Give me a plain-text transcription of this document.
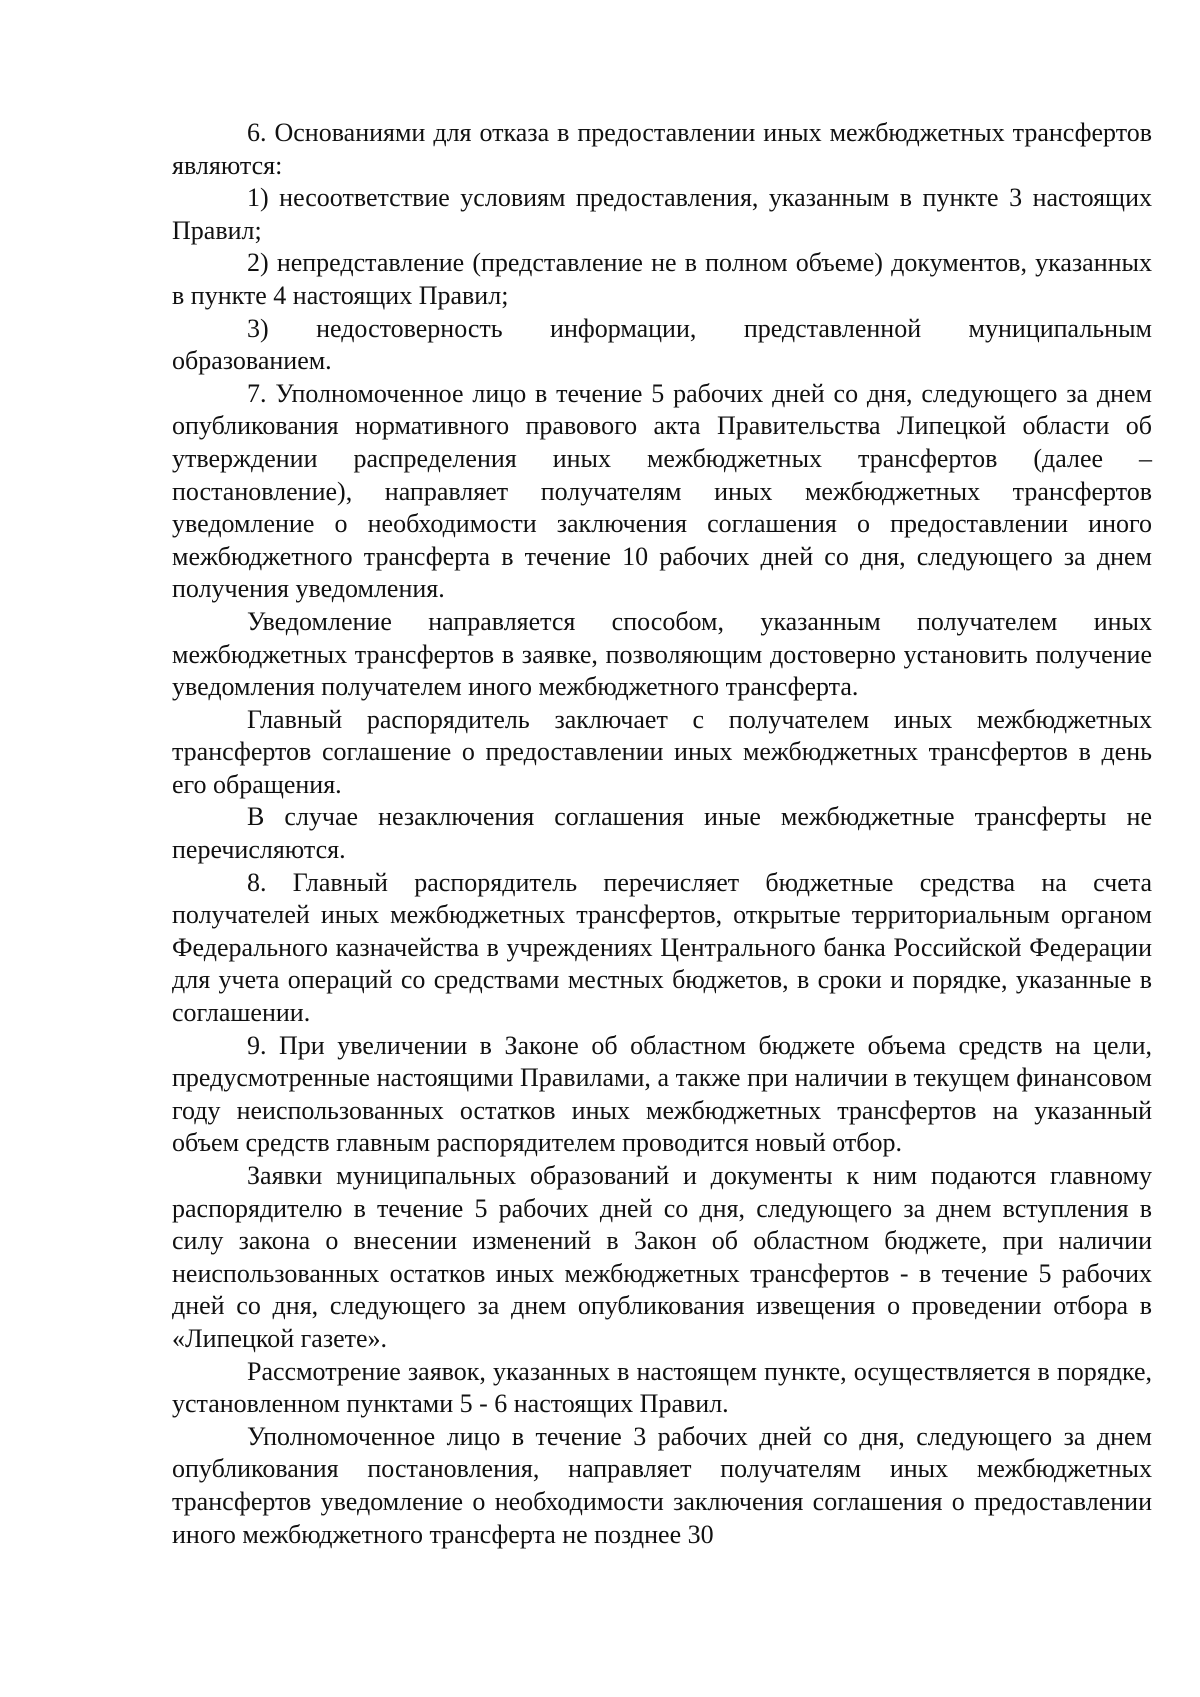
6. Основаниями для отказа в предоставлении иных межбюджетных трансфертов являются:

1) несоответствие условиям предоставления, указанным в пункте 3 настоящих Правил;

2) непредставление (представление не в полном объеме) документов, указанных в пункте 4 настоящих Правил;

3) недостоверность информации, представленной муниципальным образованием.

7. Уполномоченное лицо в течение 5 рабочих дней со дня, следующего за днем опубликования нормативного правового акта Правительства Липецкой области об утверждении распределения иных межбюджетных трансфертов (далее – постановление), направляет получателям иных межбюджетных трансфертов уведомление о необходимости заключения соглашения о предоставлении иного межбюджетного трансферта в течение 10 рабочих дней со дня, следующего за днем получения уведомления.

Уведомление направляется способом, указанным получателем иных межбюджетных трансфертов в заявке, позволяющим достоверно установить получение уведомления получателем иного межбюджетного трансферта.

Главный распорядитель заключает с получателем иных межбюджетных трансфертов соглашение о предоставлении иных межбюджетных трансфертов в день его обращения.

В случае незаключения соглашения иные межбюджетные трансферты не перечисляются.

8. Главный распорядитель перечисляет бюджетные средства на счета получателей иных межбюджетных трансфертов, открытые территориальным органом Федерального казначейства в учреждениях Центрального банка Российской Федерации для учета операций со средствами местных бюджетов, в сроки и порядке, указанные в соглашении.

9. При увеличении в Законе об областном бюджете объема средств на цели, предусмотренные настоящими Правилами, а также при наличии в текущем финансовом году неиспользованных остатков иных межбюджетных трансфертов на указанный объем средств главным распорядителем проводится новый отбор.

Заявки муниципальных образований и документы к ним подаются главному распорядителю в течение 5 рабочих дней со дня, следующего за днем вступления в силу закона о внесении изменений в Закон об областном бюджете, при наличии неиспользованных остатков иных межбюджетных трансфертов - в течение 5 рабочих дней со дня, следующего за днем опубликования извещения о проведении отбора в «Липецкой газете».

Рассмотрение заявок, указанных в настоящем пункте, осуществляется в порядке, установленном пунктами 5 - 6 настоящих Правил.

Уполномоченное лицо в течение 3 рабочих дней со дня, следующего за днем опубликования постановления, направляет получателям иных межбюджетных трансфертов уведомление о необходимости заключения соглашения о предоставлении иного межбюджетного трансферта не позднее 30
